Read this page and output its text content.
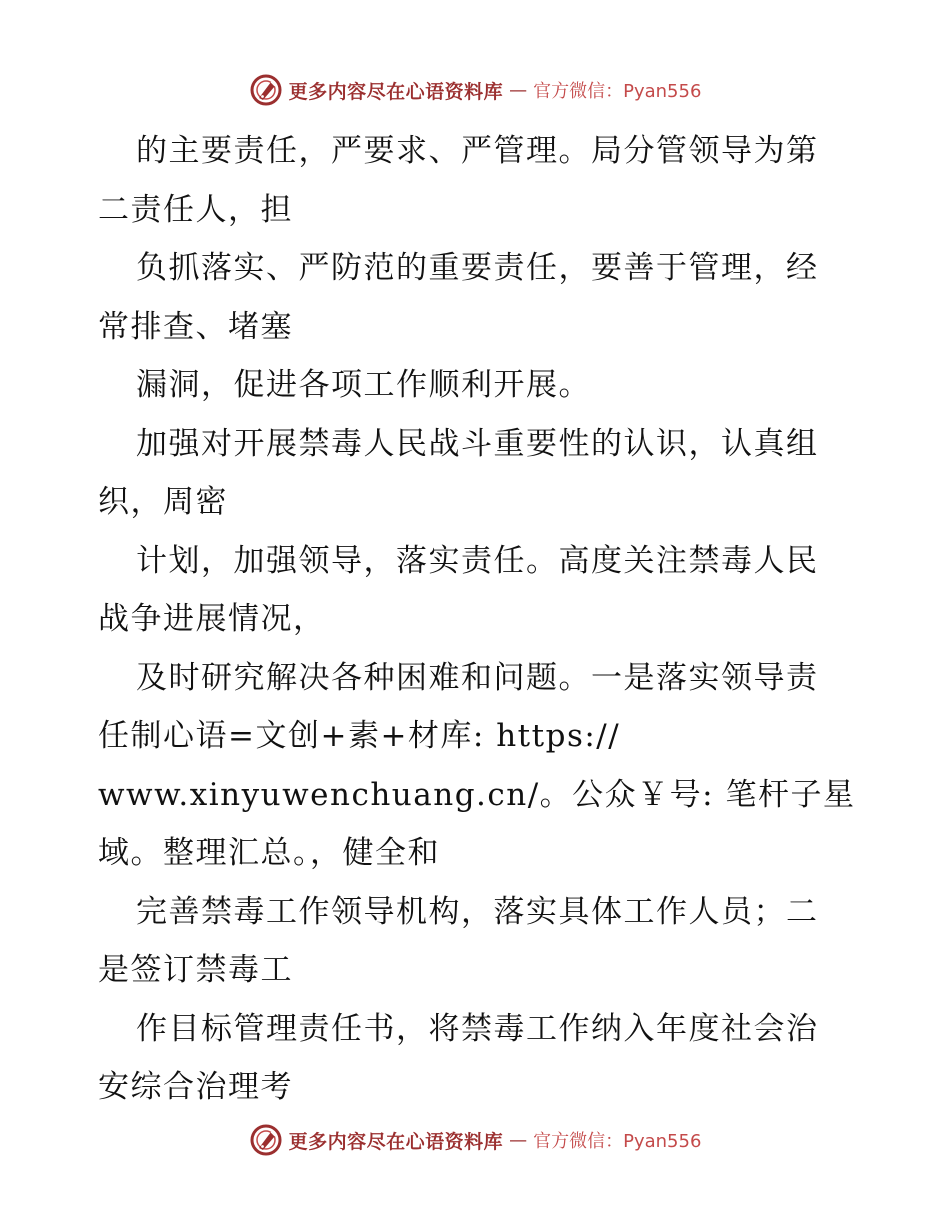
更多内容尽在心语资料库 — 官方微信：Pyan556
的主要责任，严要求、严管理。局分管领导为第
二责任人，担
负抓落实、严防范的重要责任，要善于管理，经
常排查、堵塞
漏洞，促进各项工作顺利开展。
加强对开展禁毒人民战斗重要性的认识，认真组
织，周密
计划，加强领导，落实责任。高度关注禁毒人民
战争进展情况，
及时研究解决各种困难和问题。一是落实领导责
任制心语=文创+素+材库: https://
www.xinyuwenchuang.cn/。公众￥号: 笔杆子星
域。整理汇总。，健全和
完善禁毒工作领导机构，落实具体工作人员；二
是签订禁毒工
作目标管理责任书，将禁毒工作纳入年度社会治
安综合治理考
更多内容尽在心语资料库 — 官方微信：Pyan556
